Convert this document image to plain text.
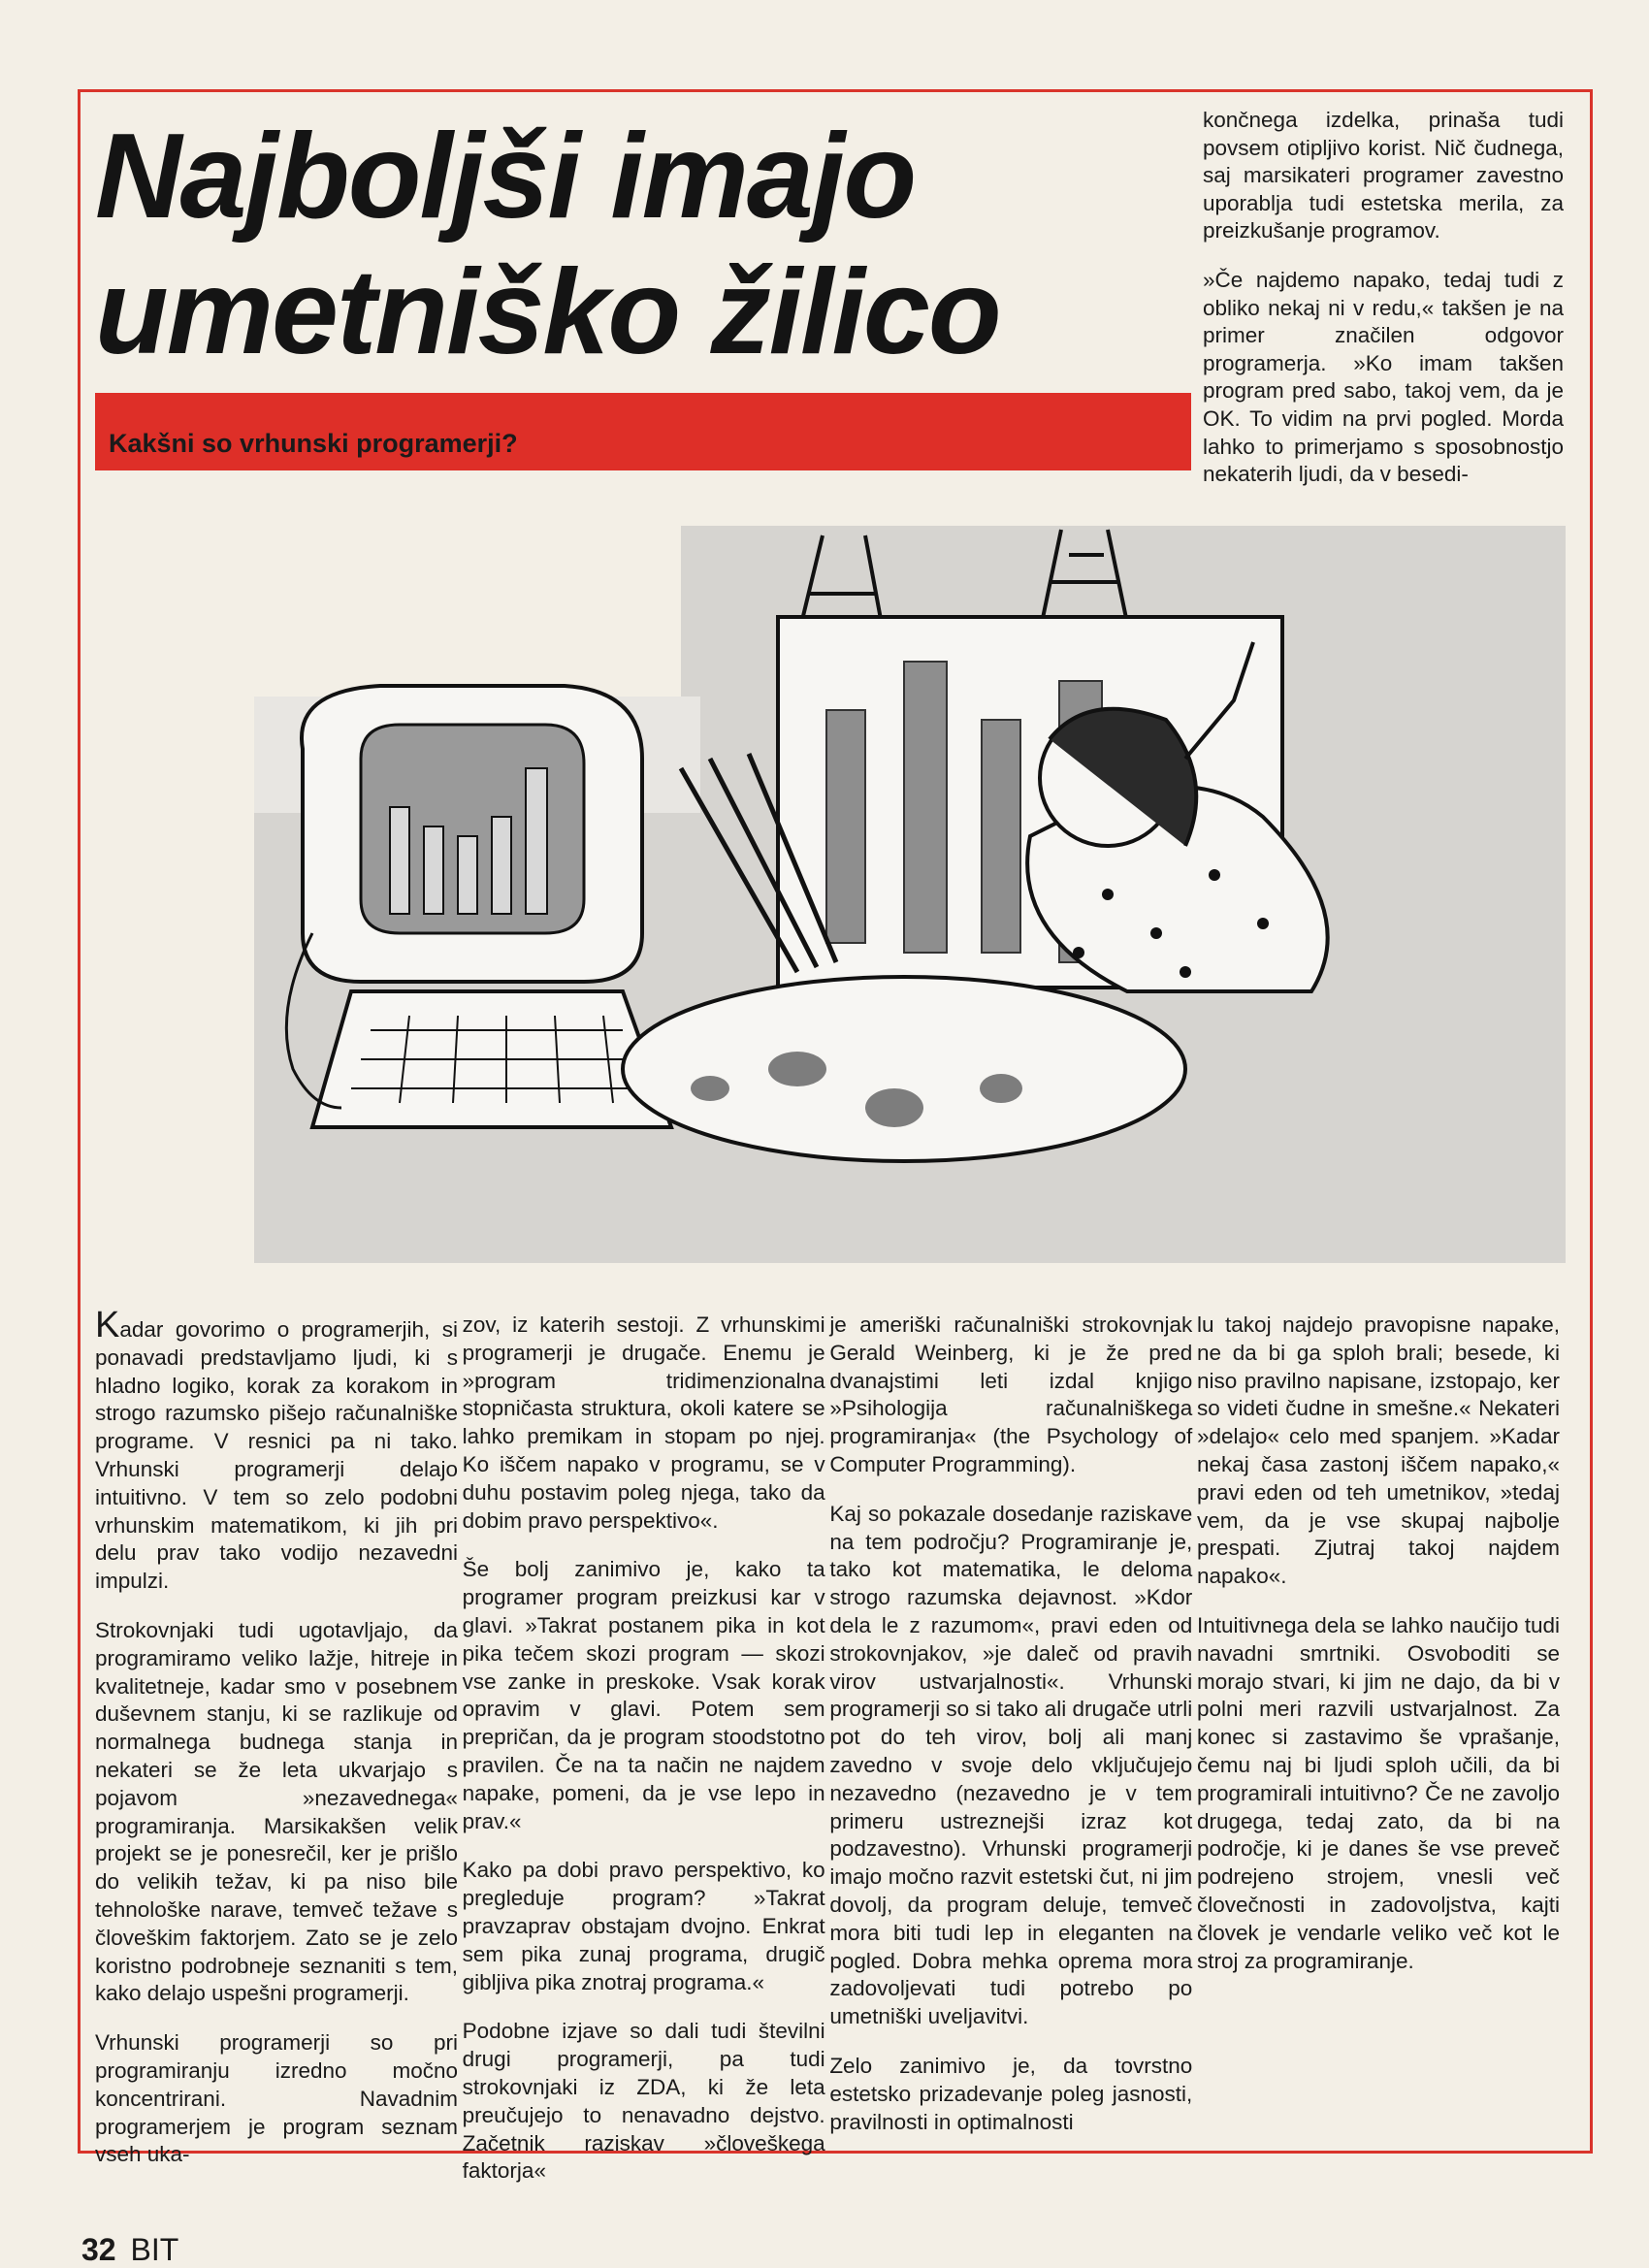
Najboljši imajo
umetniško žilico

Kakšni so vrhunski programerji?

končnega izdelka, prinaša tudi povsem otipljivo korist. Nič čudnega, saj marsikateri programer zavestno uporablja tudi estetska merila, za preizkušanje programov.

»Če najdemo napako, tedaj tudi z obliko nekaj ni v redu,« takšen je na primer značilen odgovor programerja. »Ko imam takšen program pred sabo, takoj vem, da je OK. To vidim na prvi pogled. Morda lahko to primerjamo s sposobnostjo nekaterih ljudi, da v besedi-

Kadar govorimo o programerjih, si ponavadi predstavljamo ljudi, ki s hladno logiko, korak za korakom in strogo razumsko pišejo računalniške programe. V resnici pa ni tako. Vrhunski programerji delajo intuitivno. V tem so zelo podobni vrhunskim matematikom, ki jih pri delu prav tako vodijo nezavedni impulzi.

Strokovnjaki tudi ugotavljajo, da programiramo veliko lažje, hitreje in kvalitetneje, kadar smo v posebnem duševnem stanju, ki se razlikuje od normalnega budnega stanja in nekateri se že leta ukvarjajo s pojavom »nezavednega« programiranja. Marsikakšen velik projekt se je ponesrečil, ker je prišlo do velikih težav, ki pa niso bile tehnološke narave, temveč težave s človeškim faktorjem. Zato se je zelo koristno podrobneje seznaniti s tem, kako delajo uspešni programerji.

Vrhunski programerji so pri programiranju izredno močno koncentrirani. Navadnim programerjem je program seznam vseh uka-

zov, iz katerih sestoji. Z vrhunskimi programerji je drugače. Enemu je »program tridimenzionalna stopničasta struktura, okoli katere se lahko premikam in stopam po njej. Ko iščem napako v programu, se v duhu postavim poleg njega, tako da dobim pravo perspektivo«.

Še bolj zanimivo je, kako ta programer program preizkusi kar v glavi. »Takrat postanem pika in kot pika tečem skozi program — skozi vse zanke in preskoke. Vsak korak opravim v glavi. Potem sem prepričan, da je program stoodstotno pravilen. Če na ta način ne najdem napake, pomeni, da je vse lepo in prav.«

Kako pa dobi pravo perspektivo, ko pregleduje program? »Takrat pravzaprav obstajam dvojno. Enkrat sem pika zunaj programa, drugič gibljiva pika znotraj programa.«

Podobne izjave so dali tudi številni drugi programerji, pa tudi strokovnjaki iz ZDA, ki že leta preučujejo to nenavadno dejstvo. Začetnik raziskav »človeškega faktorja«

je ameriški računalniški strokovnjak Gerald Weinberg, ki je že pred dvanajstimi leti izdal knjigo »Psihologija računalniškega programiranja« (the Psychology of Computer Programming).

Kaj so pokazale dosedanje raziskave na tem področju? Programiranje je, tako kot matematika, le deloma strogo razumska dejavnost. »Kdor dela le z razumom«, pravi eden od strokovnjakov, »je daleč od pravih virov ustvarjalnosti«. Vrhunski programerji so si tako ali drugače utrli pot do teh virov, bolj ali manj zavedno v svoje delo vključujejo nezavedno (nezavedno je v tem primeru ustreznejši izraz kot podzavestno). Vrhunski programerji imajo močno razvit estetski čut, ni jim dovolj, da program deluje, temveč mora biti tudi lep in eleganten na pogled. Dobra mehka oprema mora zadovoljevati tudi potrebo po umetniški uveljavitvi.

Zelo zanimivo je, da tovrstno estetsko prizadevanje poleg jasnosti, pravilnosti in optimalnosti

lu takoj najdejo pravopisne napake, ne da bi ga sploh brali; besede, ki niso pravilno napisane, izstopajo, ker so videti čudne in smešne.« Nekateri »delajo« celo med spanjem. »Kadar nekaj časa zastonj iščem napako,« pravi eden od teh umetnikov, »tedaj vem, da je vse skupaj najbolje prespati. Zjutraj takoj najdem napako«.

Intuitivnega dela se lahko naučijo tudi navadni smrtniki. Osvoboditi se morajo stvari, ki jim ne dajo, da bi v polni meri razvili ustvarjalnost. Za konec si zastavimo še vprašanje, čemu naj bi ljudi sploh učili, da bi programirali intuitivno? Če ne zavoljo drugega, tedaj zato, da bi na področje, ki je danes še vse preveč podrejeno strojem, vnesli več človečnosti in zadovoljstva, kajti človek je vendarle veliko več kot le stroj za programiranje.

32 BIT
